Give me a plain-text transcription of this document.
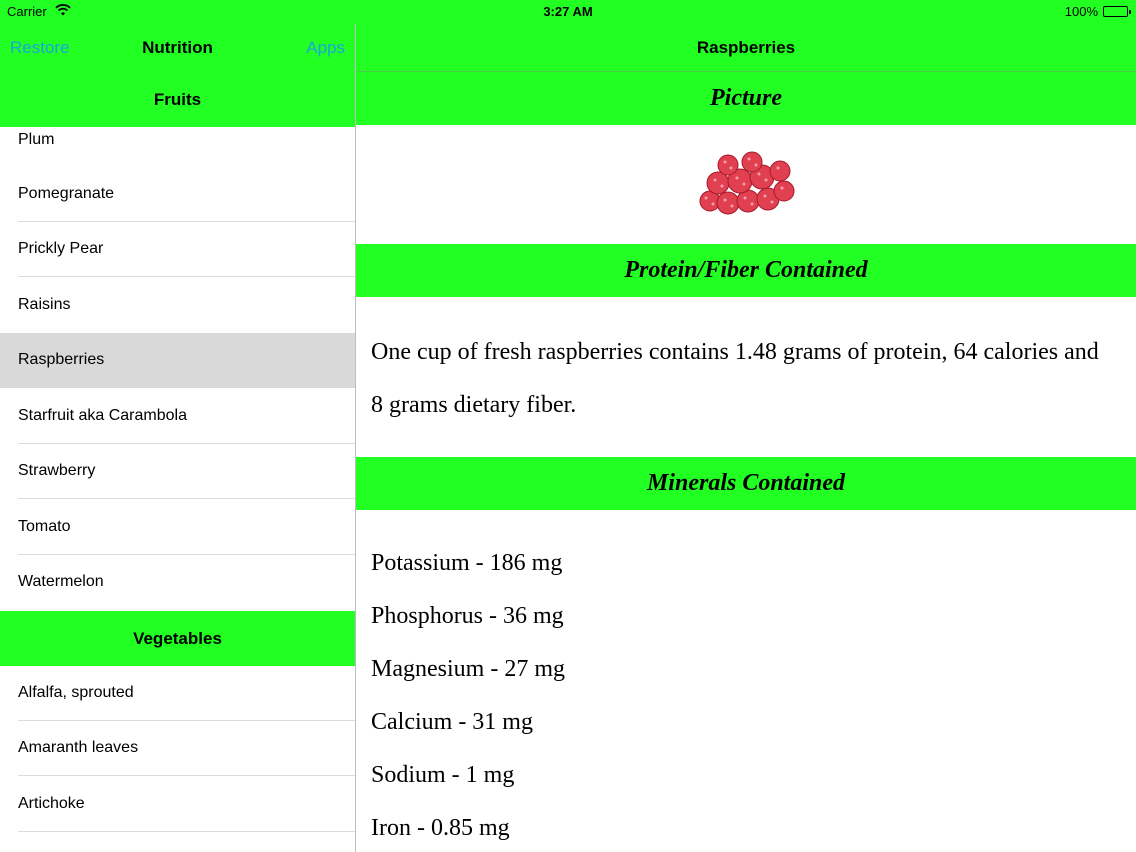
Carrier	3:27 AM	100%
Restore	Nutrition	Apps
Fruits
Plum
Pomegranate
Prickly Pear
Raisins
Raspberries
Starfruit aka Carambola
Strawberry
Tomato
Watermelon
Vegetables
Alfalfa, sprouted
Amaranth leaves
Artichoke
Raspberries
Picture
Protein/Fiber Contained
One cup of fresh raspberries contains 1.48 grams of protein, 64 calories and 8 grams dietary fiber.
Minerals Contained
Potassium - 186 mg
Phosphorus - 36 mg
Magnesium - 27 mg
Calcium - 31 mg
Sodium - 1 mg
Iron - 0.85 mg
